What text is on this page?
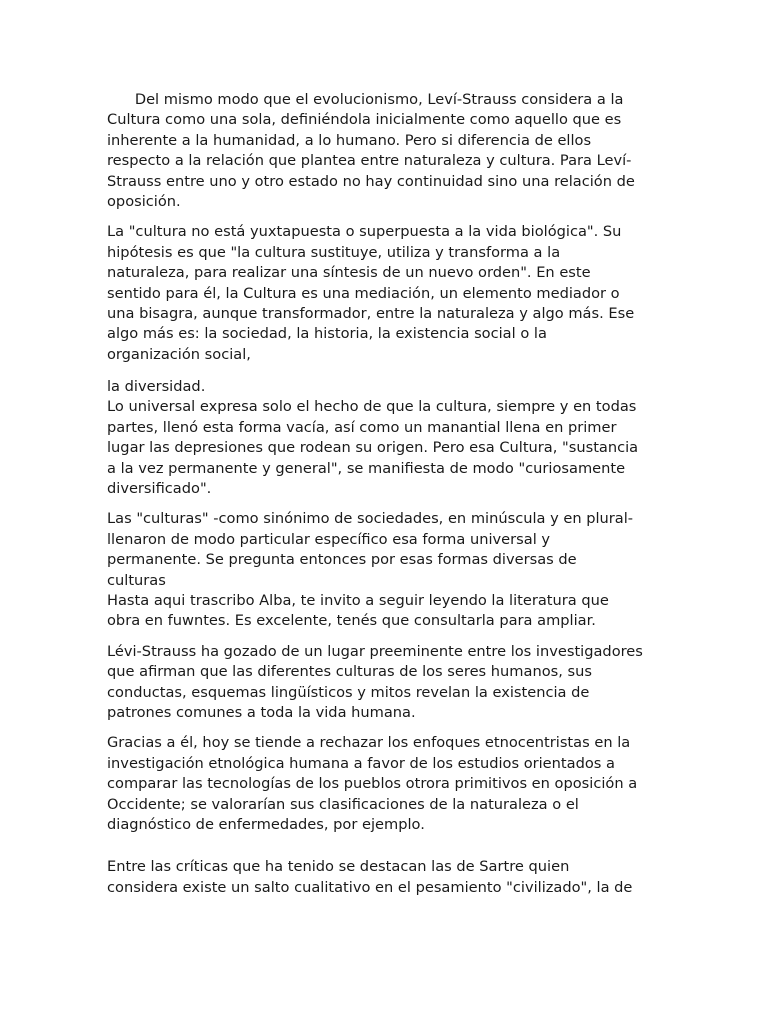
Del mismo modo que el evolucionismo, Leví-Strauss considera a la
Cultura como una sola, definiéndola inicialmente como aquello que es
inherente a la humanidad, a lo humano. Pero si diferencia de ellos
respecto a la relación que plantea entre naturaleza y cultura. Para Leví-
Strauss entre uno y otro estado no hay continuidad sino una relación de
oposición.
La "cultura no está yuxtapuesta o superpuesta a la vida biológica". Su
hipótesis es que "la cultura sustituye, utiliza y transforma a la
naturaleza, para realizar una síntesis de un nuevo orden". En este
sentido para él, la Cultura es una mediación, un elemento mediador o
una bisagra, aunque transformador, entre la naturaleza y algo más. Ese
algo más es: la sociedad, la historia, la existencia social o la
organización social,
la diversidad.
Lo universal expresa solo el hecho de que la cultura, siempre y en todas
partes, llenó esta forma vacía, así como un manantial llena en primer
lugar las depresiones que rodean su origen. Pero esa Cultura, "sustancia
a la vez permanente y general", se manifiesta de modo "curiosamente
diversificado".
Las "culturas" -como sinónimo de sociedades, en minúscula y en plural-
llenaron de modo particular específico esa forma universal y
permanente. Se pregunta entonces por esas formas diversas de
culturas
Hasta aqui trascribo Alba, te invito a seguir leyendo la literatura que
obra en fuwntes. Es excelente, tenés que consultarla para ampliar.
Lévi-Strauss ha gozado de un lugar preeminente entre los investigadores
que afirman que las diferentes culturas de los seres humanos, sus
conductas, esquemas lingüísticos y mitos revelan la existencia de
patrones comunes a toda la vida humana.
Gracias a él, hoy se tiende a rechazar los enfoques etnocentristas en la
investigación etnológica humana a favor de los estudios orientados a
comparar las tecnologías de los pueblos otrora primitivos en oposición a
Occidente; se valorarían sus clasificaciones de la naturaleza o el
diagnóstico de enfermedades, por ejemplo.
Entre las críticas que ha tenido se destacan las de Sartre quien
considera existe un salto cualitativo en el pesamiento "civilizado", la de
